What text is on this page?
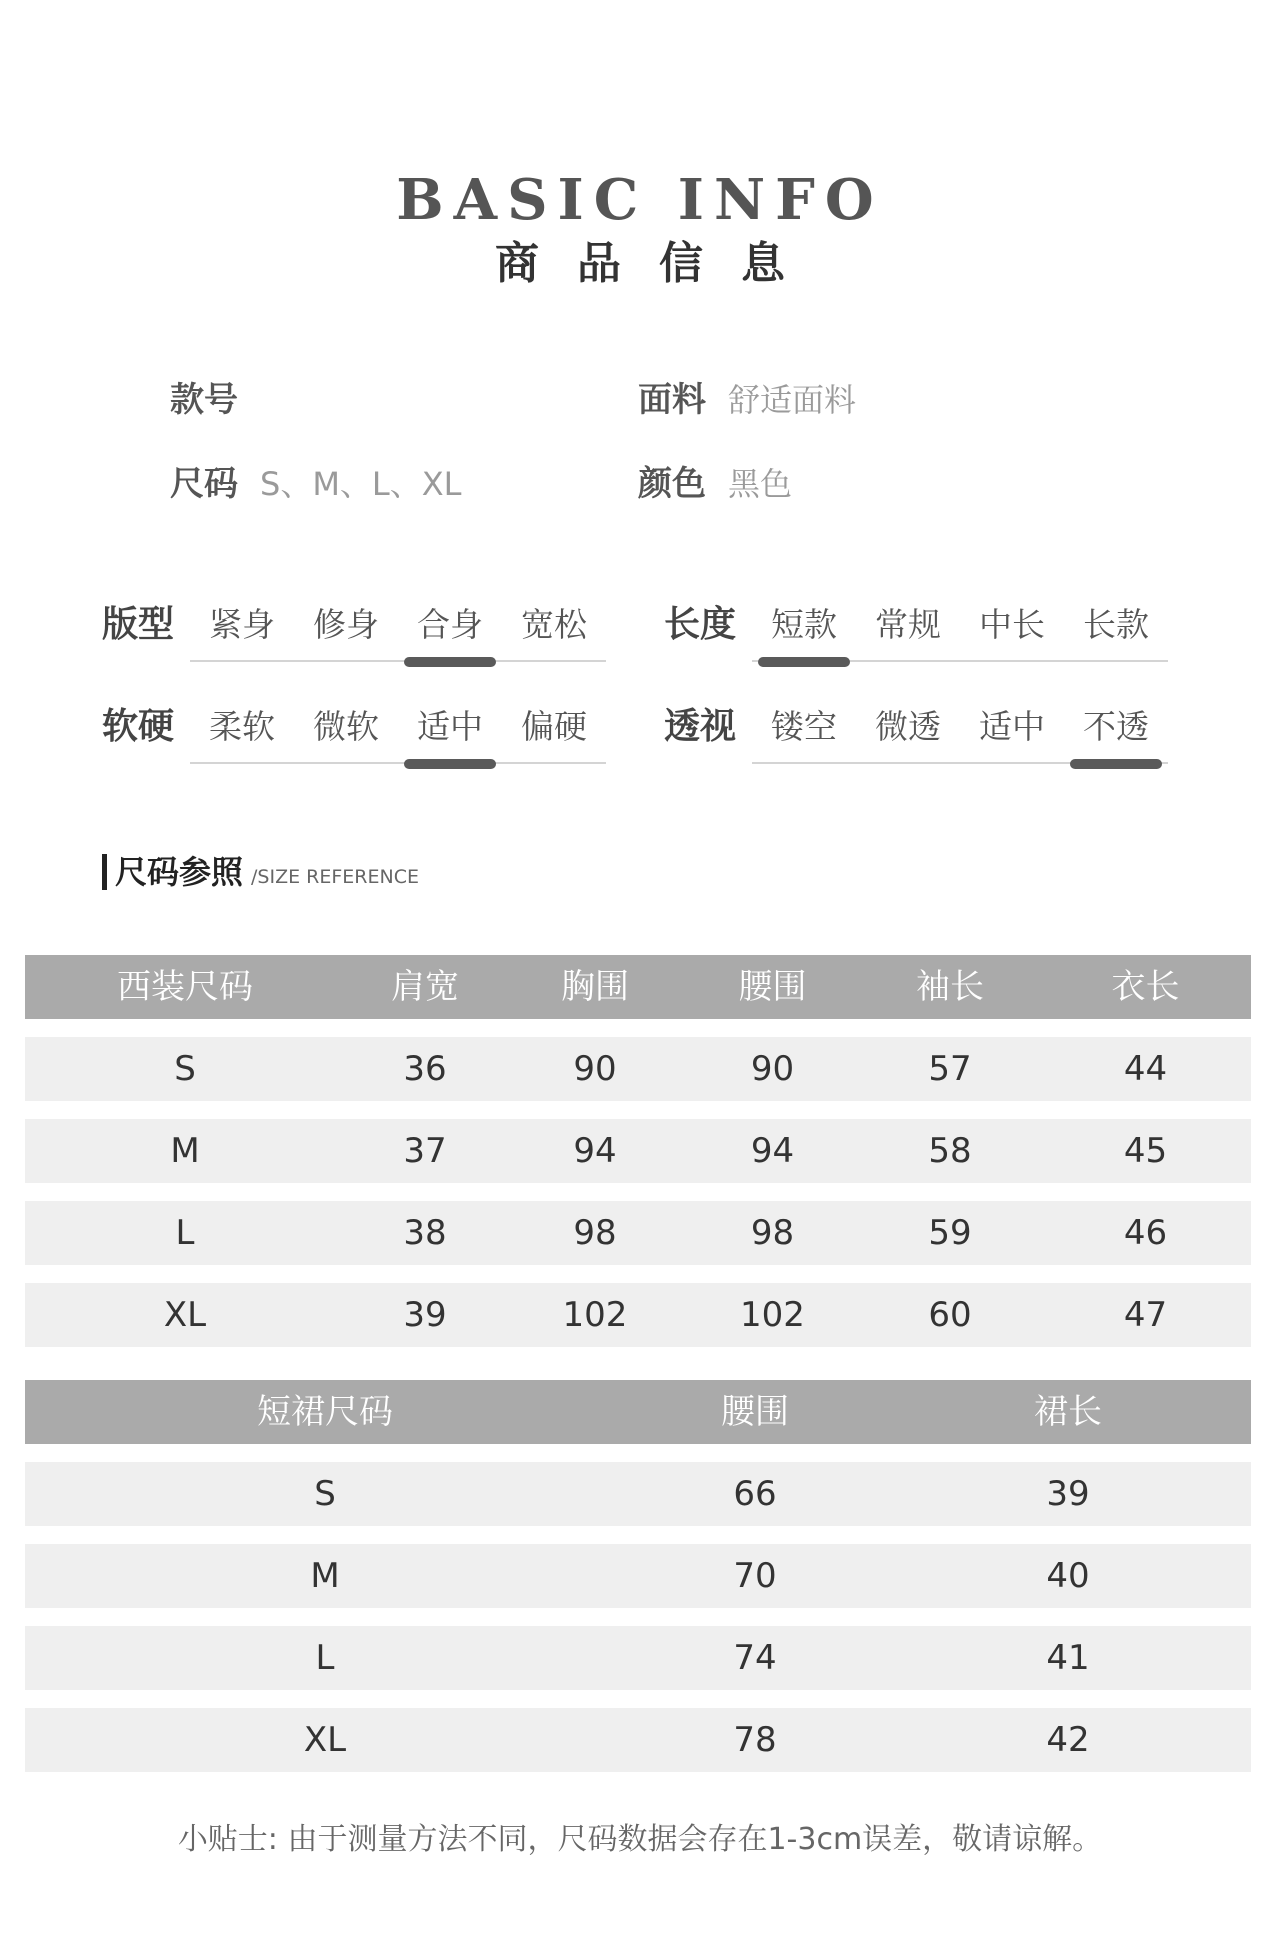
BASIC INFO
商品信息
款号	面料 舒适面料
尺码 S、M、L、XL	颜色 黑色
版型	紧身	修身	合身	宽松	长度	短款	常规	中长	长款
软硬	柔软	微软	适中	偏硬	透视	镂空	微透	适中	不透
尺码参照 /SIZE REFERENCE
西装尺码	肩宽	胸围	腰围	袖长	衣长
S	36	90	90	57	44
M	37	94	94	58	45
L	38	98	98	59	46
XL	39	102	102	60	47
短裙尺码	腰围	裙长
S	66	39
M	70	40
L	74	41
XL	78	42
小贴士: 由于测量方法不同，尺码数据会存在1-3cm误差，敬请谅解。
